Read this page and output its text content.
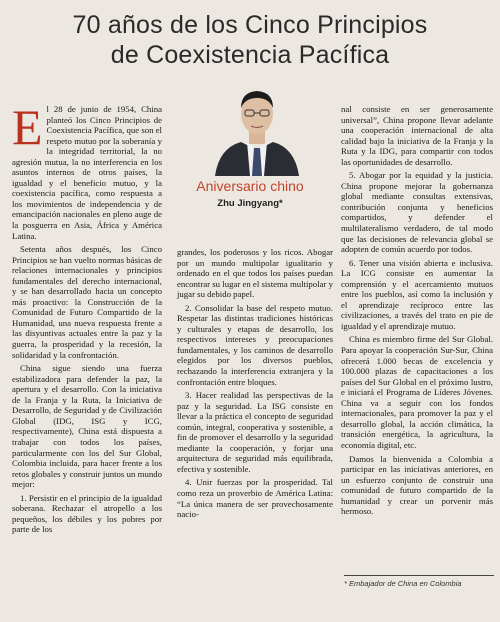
70 años de los Cinco Principios
de Coexistencia Pacífica

E l 28 de junio de 1954, China planteó los Cinco Principios de Coexistencia Pacífica, que son el respeto mutuo por la soberanía y la integridad territorial, la no agresión mutua, la no interferencia en los asuntos internos de otros países, la igualdad y el beneficio mutuo, y la coexistencia pacífica, como respuesta a los movimientos de independencia y de emancipación nacionales en pleno auge de la posguerra en Asia, África y América Latina.

Setenta años después, los Cinco Principios se han vuelto normas básicas de relaciones internacionales y principios fundamentales del derecho internacional, y se han desarrollado hacia un concepto más proactivo: la Construcción de la Comunidad de Futuro Compartido de la Humanidad, una nueva respuesta frente a las disyuntivas actuales entre la paz y la guerra, la prosperidad y la recesión, la solidaridad y la confrontación.

China sigue siendo una fuerza estabilizadora para defender la paz, la apertura y el desarrollo. Con la iniciativa de la Franja y la Ruta, la Iniciativa de Desarrollo, de Seguridad y de Civilización Global (IDG, ISG y ICG, respectivamente), China está dispuesta a trabajar con todos los países, particularmente con los del Sur Global, Colombia incluida, para hacer frente a los retos globales y construir juntos un mundo mejor:

1. Persistir en el principio de la igualdad soberana. Rechazar el atropello a los pequeños, los débiles y los pobres por parte de los

Aniversario chino
Zhu Jingyang*

grandes, los poderosos y los ricos. Abogar por un mundo multipolar igualitario y ordenado en el que todos los países puedan encontrar su lugar en el sistema multipolar y jugar su debido papel.

2. Consolidar la base del respeto mutuo. Respetar las distintas tradiciones históricas y culturales y etapas de desarrollo, los respectivos intereses y preocupaciones fundamentales, y los caminos de desarrollo elegidos por los diversos pueblos, rechazando la interferencia extranjera y la confrontación entre bloques.

3. Hacer realidad las perspectivas de la paz y la seguridad. La ISG consiste en llevar a la práctica el concepto de seguridad común, integral, cooperativa y sostenible, a fin de promover el desarrollo y la seguridad mediante la cooperación, y forjar una arquitectura de seguridad más equilibrada, efectiva y sostenible.

4. Unir fuerzas por la prosperidad. Tal como reza un proverbio de América Latina: “La única manera de ser provechosamente nacio-

nal consiste en ser generosamente universal”, China propone llevar adelante una cooperación internacional de alta calidad bajo la iniciativa de la Franja y la Ruta y la IDG, para compartir con todos las oportunidades de desarrollo.

5. Abogar por la equidad y la justicia. China propone mejorar la gobernanza global mediante consultas extensivas, contribución conjunta y beneficios compartidos, y defender el multilateralismo verdadero, de tal modo que las decisiones de relevancia global se adopten de común acuerdo por todos.

6. Tener una visión abierta e inclusiva. La ICG consiste en aumentar la comprensión y el acercamiento mutuos entre los pueblos, así como la inclusión y el aprendizaje recíproco entre las civilizaciones, a través del trato en pie de igualdad y el aprendizaje mutuo.

China es miembro firme del Sur Global. Para apoyar la cooperación Sur-Sur, China ofrecerá 1.000 becas de excelencia y 100.000 plazas de capacitaciones a los países del Sur Global en el próximo lustro, e iniciará el Programa de Líderes Jóvenes. China va a seguir con los fondos internacionales, para promover la paz y el desarrollo global, la acción climática, la transición energética, la agricultura, la economía digital, etc.

Damos la bienvenida a Colombia a participar en las iniciativas anteriores, en un esfuerzo conjunto de construir una comunidad de futuro compartido de la humanidad y crear un porvenir más hermoso.

* Embajador de China en Colombia
